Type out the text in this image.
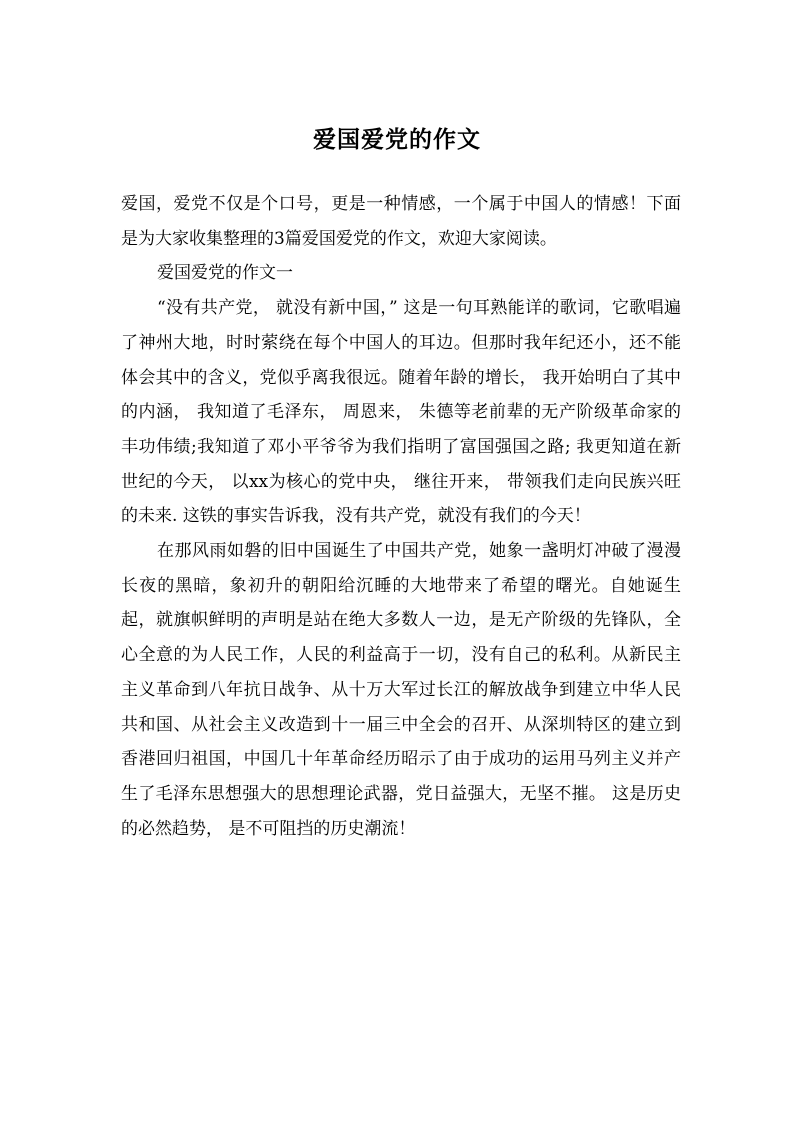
爱国爱党的作文

爱国，爱党不仅是个口号，更是一种情感，一个属于中国人的情感！下面是为大家收集整理的3篇爱国爱党的作文，欢迎大家阅读。

爱国爱党的作文一

“没有共产党， 就没有新中国，” 这是一句耳熟能详的歌词，它歌唱遍了神州大地，时时萦绕在每个中国人的耳边。但那时我年纪还小，还不能体会其中的含义，党似乎离我很远。随着年龄的增长， 我开始明白了其中的内涵， 我知道了毛泽东， 周恩来， 朱德等老前辈的无产阶级革命家的丰功伟绩;我知道了邓小平爷爷为我们指明了富国强国之路; 我更知道在新世纪的今天， 以xx为核心的党中央， 继往开来， 带领我们走向民族兴旺的未来. 这铁的事实告诉我，没有共产党，就没有我们的今天！

在那风雨如磐的旧中国诞生了中国共产党，她象一盏明灯冲破了漫漫长夜的黑暗，象初升的朝阳给沉睡的大地带来了希望的曙光。自她诞生起，就旗帜鲜明的声明是站在绝大多数人一边，是无产阶级的先锋队，全心全意的为人民工作，人民的利益高于一切，没有自己的私利。从新民主主义革命到八年抗日战争、从十万大军过长江的解放战争到建立中华人民共和国、从社会主义改造到十一届三中全会的召开、从深圳特区的建立到香港回归祖国，中国几十年革命经历昭示了由于成功的运用马列主义并产生了毛泽东思想强大的思想理论武器，党日益强大，无坚不摧。 这是历史的必然趋势， 是不可阻挡的历史潮流！
